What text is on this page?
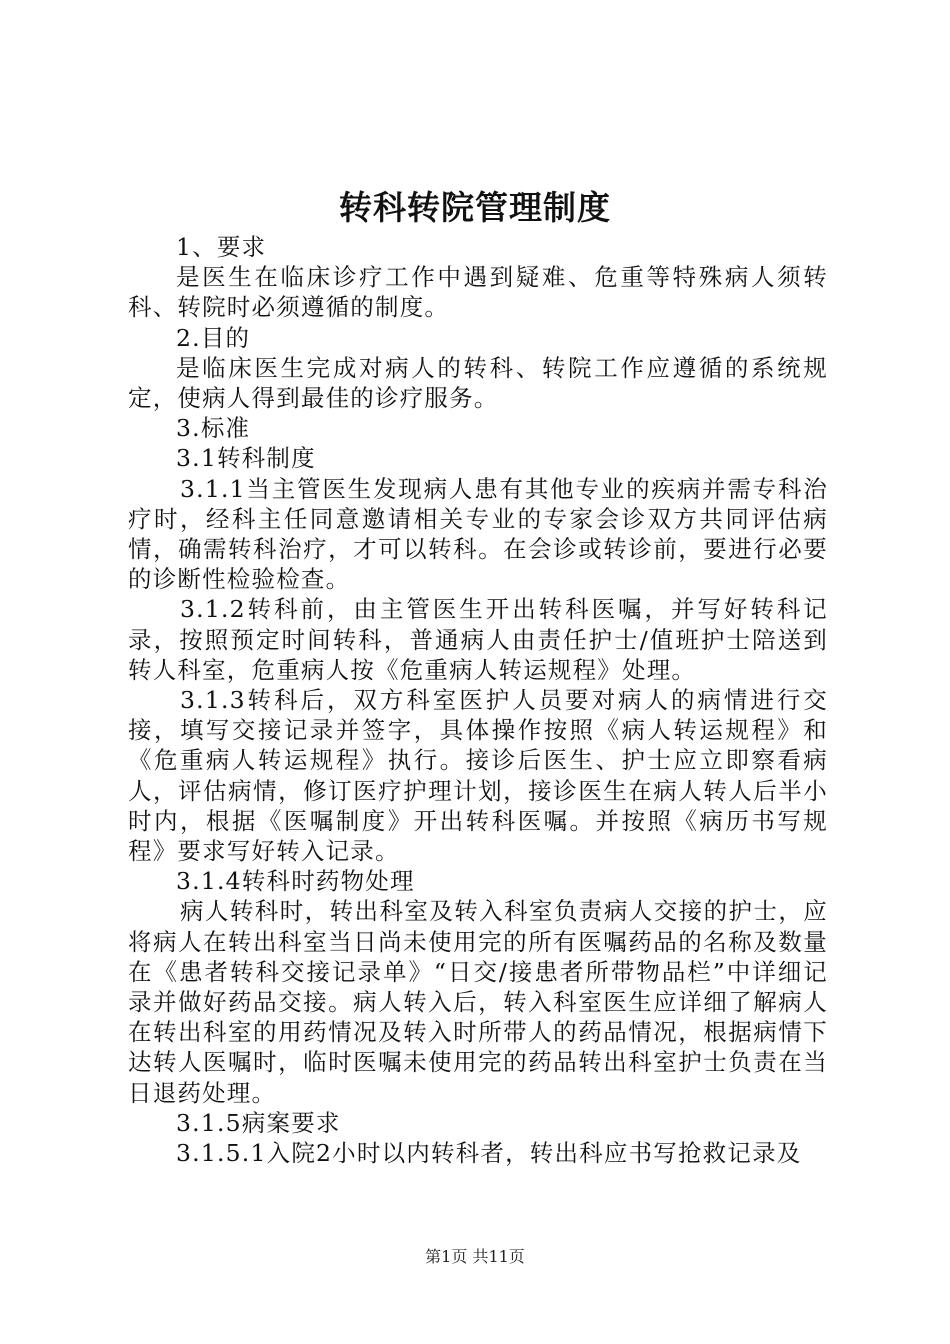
转科转院管理制度

1、要求

是医生在临床诊疗工作中遇到疑难、危重等特殊病人须转科、转院时必须遵循的制度。

2.目的

是临床医生完成对病人的转科、转院工作应遵循的系统规定，使病人得到最佳的诊疗服务。

3.标准

3.1转科制度

3.1.1当主管医生发现病人患有其他专业的疾病并需专科治疗时，经科主任同意邀请相关专业的专家会诊双方共同评估病情，确需转科治疗，才可以转科。在会诊或转诊前，要进行必要的诊断性检验检查。

3.1.2转科前，由主管医生开出转科医嘱，并写好转科记录，按照预定时间转科，普通病人由责任护士/值班护士陪送到转人科室，危重病人按《危重病人转运规程》处理。

3.1.3转科后，双方科室医护人员要对病人的病情进行交接，填写交接记录并签字，具体操作按照《病人转运规程》和《危重病人转运规程》执行。接诊后医生、护士应立即察看病人，评估病情，修订医疗护理计划，接诊医生在病人转人后半小时内，根据《医嘱制度》开出转科医嘱。并按照《病历书写规程》要求写好转入记录。

3.1.4转科时药物处理

病人转科时，转出科室及转入科室负责病人交接的护士，应将病人在转出科室当日尚未使用完的所有医嘱药品的名称及数量在《患者转科交接记录单》“日交/接患者所带物品栏”中详细记录并做好药品交接。病人转入后，转入科室医生应详细了解病人在转出科室的用药情况及转入时所带人的药品情况，根据病情下达转人医嘱时，临时医嘱未使用完的药品转出科室护士负责在当日退药处理。

3.1.5病案要求

3.1.5.1入院2小时以内转科者，转出科应书写抢救记录及

第1页 共11页
